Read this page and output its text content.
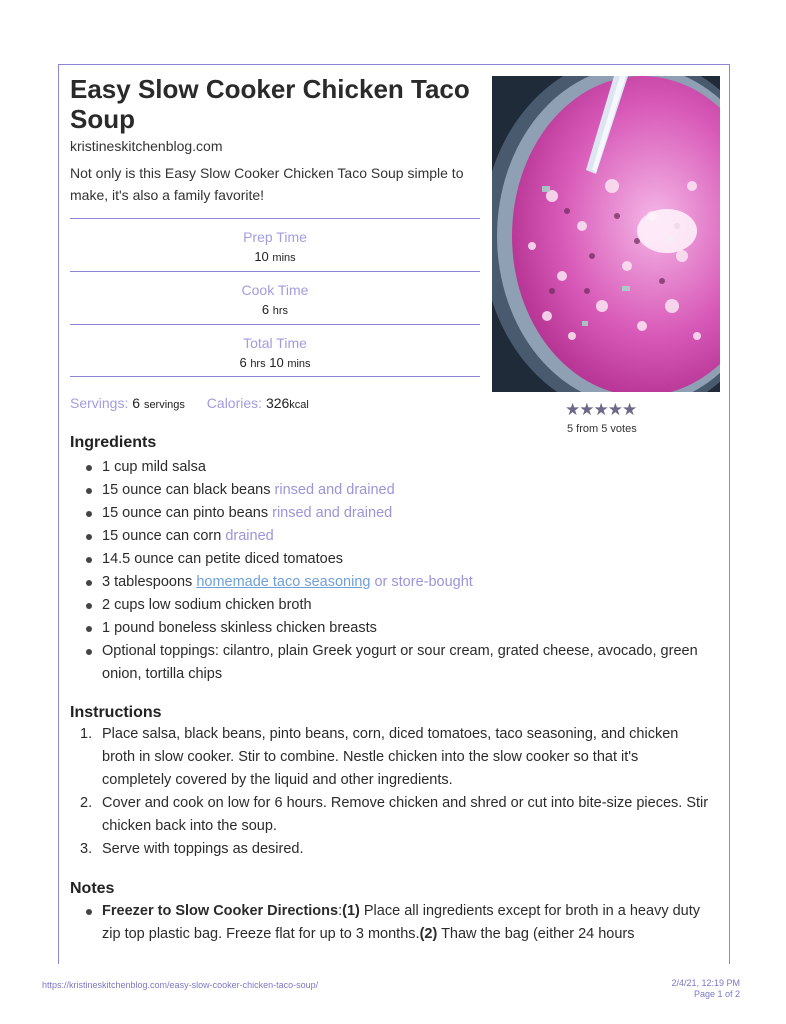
Easy Slow Cooker Chicken Taco Soup
kristineskitchenblog.com
Not only is this Easy Slow Cooker Chicken Taco Soup simple to make, it's also a family favorite!
Prep Time
10 mins
Cook Time
6 hrs
Total Time
6 hrs 10 mins
Servings: 6 servings Calories: 326kcal	★★★★★
5 from 5 votes
Ingredients
1 cup mild salsa
15 ounce can black beans rinsed and drained
15 ounce can pinto beans rinsed and drained
15 ounce can corn drained
14.5 ounce can petite diced tomatoes
3 tablespoons homemade taco seasoning or store-bought
2 cups low sodium chicken broth
1 pound boneless skinless chicken breasts
Optional toppings: cilantro, plain Greek yogurt or sour cream, grated cheese, avocado, green onion, tortilla chips
Instructions
1. Place salsa, black beans, pinto beans, corn, diced tomatoes, taco seasoning, and chicken broth in slow cooker. Stir to combine. Nestle chicken into the slow cooker so that it's completely covered by the liquid and other ingredients.
2. Cover and cook on low for 6 hours. Remove chicken and shred or cut into bite-size pieces. Stir chicken back into the soup.
3. Serve with toppings as desired.
Notes
Freezer to Slow Cooker Directions:(1) Place all ingredients except for broth in a heavy duty zip top plastic bag. Freeze flat for up to 3 months.(2) Thaw the bag (either 24 hours
https://kristineskitchenblog.com/easy-slow-cooker-chicken-taco-soup/	2/4/21, 12:19 PM
Page 1 of 2
